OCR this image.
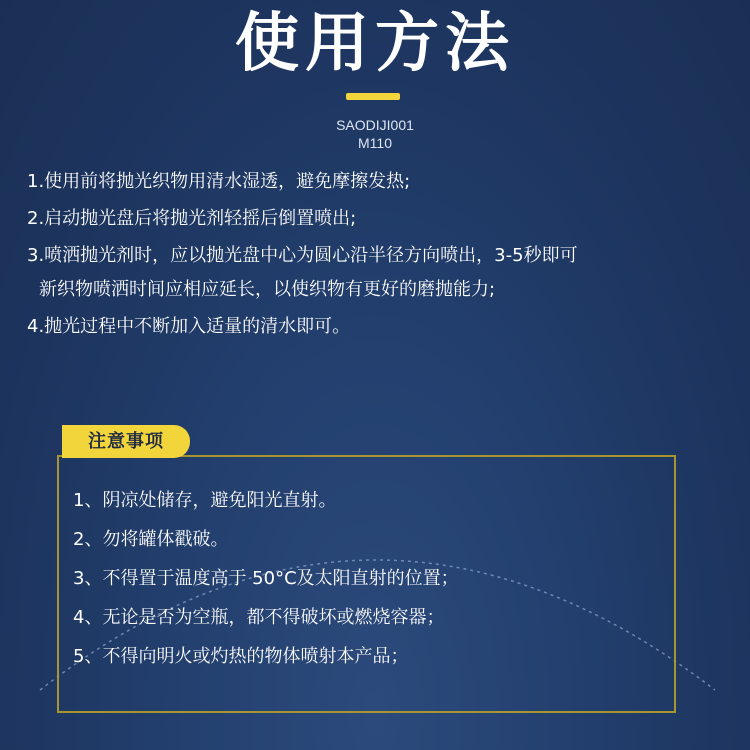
使用方法
SAODIJI001
M110
1.使用前将抛光织物用清水湿透，避免摩擦发热;
2.启动抛光盘后将抛光剂轻摇后倒置喷出;
3.喷洒抛光剂时，应以抛光盘中心为圆心沿半径方向喷出，3-5秒即可
新织物喷洒时间应相应延长，以使织物有更好的磨抛能力;
4.抛光过程中不断加入适量的清水即可。
注意事项
1、阴凉处储存，避免阳光直射。
2、勿将罐体戳破。
3、不得置于温度高于 50°C及太阳直射的位置；
4、无论是否为空瓶，都不得破坏或燃烧容器；
5、不得向明火或灼热的物体喷射本产品；
